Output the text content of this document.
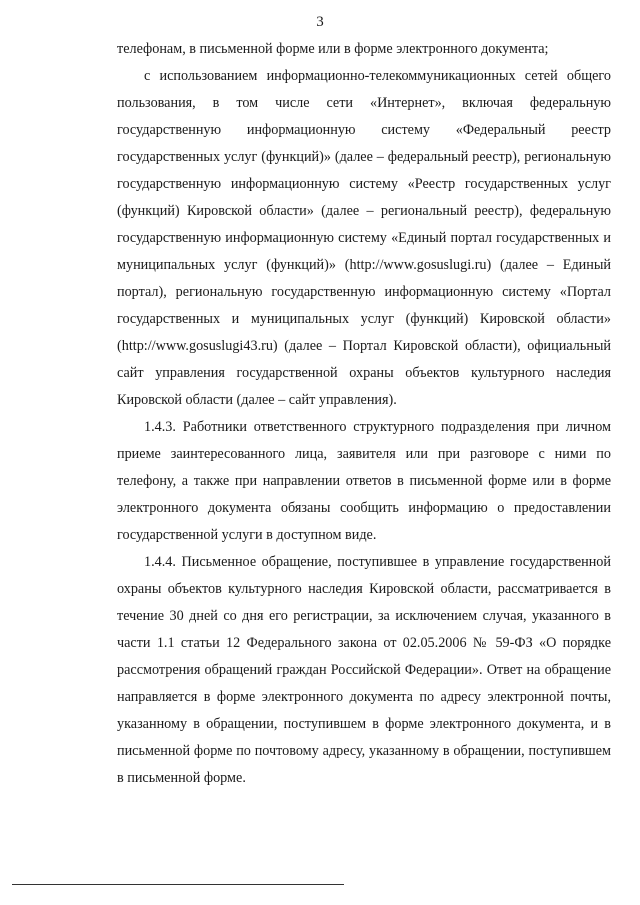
3

телефонам, в письменной форме или в форме электронного документа;

с использованием информационно-телекоммуникационных сетей общего пользования, в том числе сети «Интернет», включая федеральную государственную информационную систему «Федеральный реестр государственных услуг (функций)» (далее – федеральный реестр), региональную государственную информационную систему «Реестр государственных услуг (функций) Кировской области» (далее – региональный реестр), федеральную государственную информационную систему «Единый портал государственных и муниципальных услуг (функций)» (http://www.gosuslugi.ru) (далее – Единый портал), региональную государственную информационную систему «Портал государственных и муниципальных услуг (функций) Кировской области» (http://www.gosuslugi43.ru) (далее – Портал Кировской области), официальный сайт управления государственной охраны объектов культурного наследия Кировской области (далее – сайт управления).

1.4.3. Работники ответственного структурного подразделения при личном приеме заинтересованного лица, заявителя или при разговоре с ними по телефону, а также при направлении ответов в письменной форме или в форме электронного документа обязаны сообщить информацию о предоставлении государственной услуги в доступном виде.

1.4.4. Письменное обращение, поступившее в управление государственной охраны объектов культурного наследия Кировской области, рассматривается в течение 30 дней со дня его регистрации, за исключением случая, указанного в части 1.1 статьи 12 Федерального закона от 02.05.2006 № 59-ФЗ «О порядке рассмотрения обращений граждан Российской Федерации». Ответ на обращение направляется в форме электронного документа по адресу электронной почты, указанному в обращении, поступившем в форме электронного документа, и в письменной форме по почтовому адресу, указанному в обращении, поступившем в письменной форме.
